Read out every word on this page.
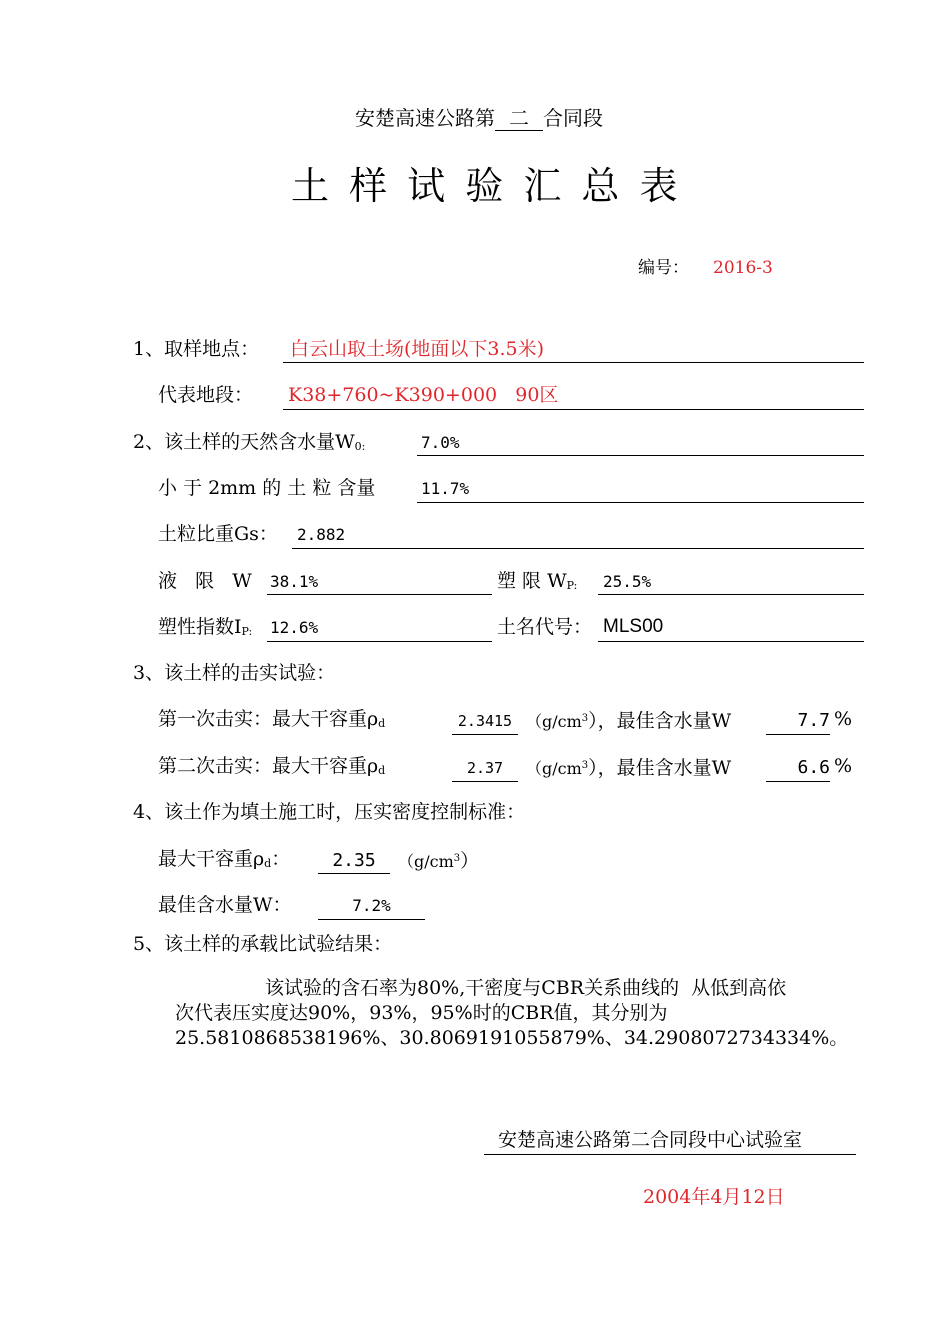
安楚高速公路第 二 合同段
土 样 试 验 汇 总 表
编号： 2016-3
1、取样地点： 白云山取土场(地面以下3.5米)
代表地段： K38+760~K390+000   90区
2、该土样的天然含水量$W_{0:}$	7.0%
小 于 2mm 的 土 粒 含量	11.7%
土粒比重Gs： 2.882
液   限   W 38.1%	塑 限 $W_{P:}$ 25.5%
塑性指数$I_{P:}$ 12.6%	土名代号： MLS00
3、该土样的击实试验：
第一次击实：最大干容重$\rho_d$	2.3415 $(g/cm^3)$，最佳含水量W	7.7 %
第二次击实：最大干容重$\rho_d$	2.37	$(g/cm^3)$，最佳含水量W	6.6 %
4、该土作为填土施工时，压实密度控制标准：
最大干容重$\rho_d$：	2.35	$(g/cm^3)$
最佳含水量W：	7.2%
5、该土样的承载比试验结果：
该试验的含石率为80%,干密度与CBR关系曲线的  从低到高依
次代表压实度达90%，93%，95%时的CBR值，其分别为
25.5810868538196%、30.8069191055879%、34.2908072734334%。
安楚高速公路第二合同段中心试验室
2004年4月12日
